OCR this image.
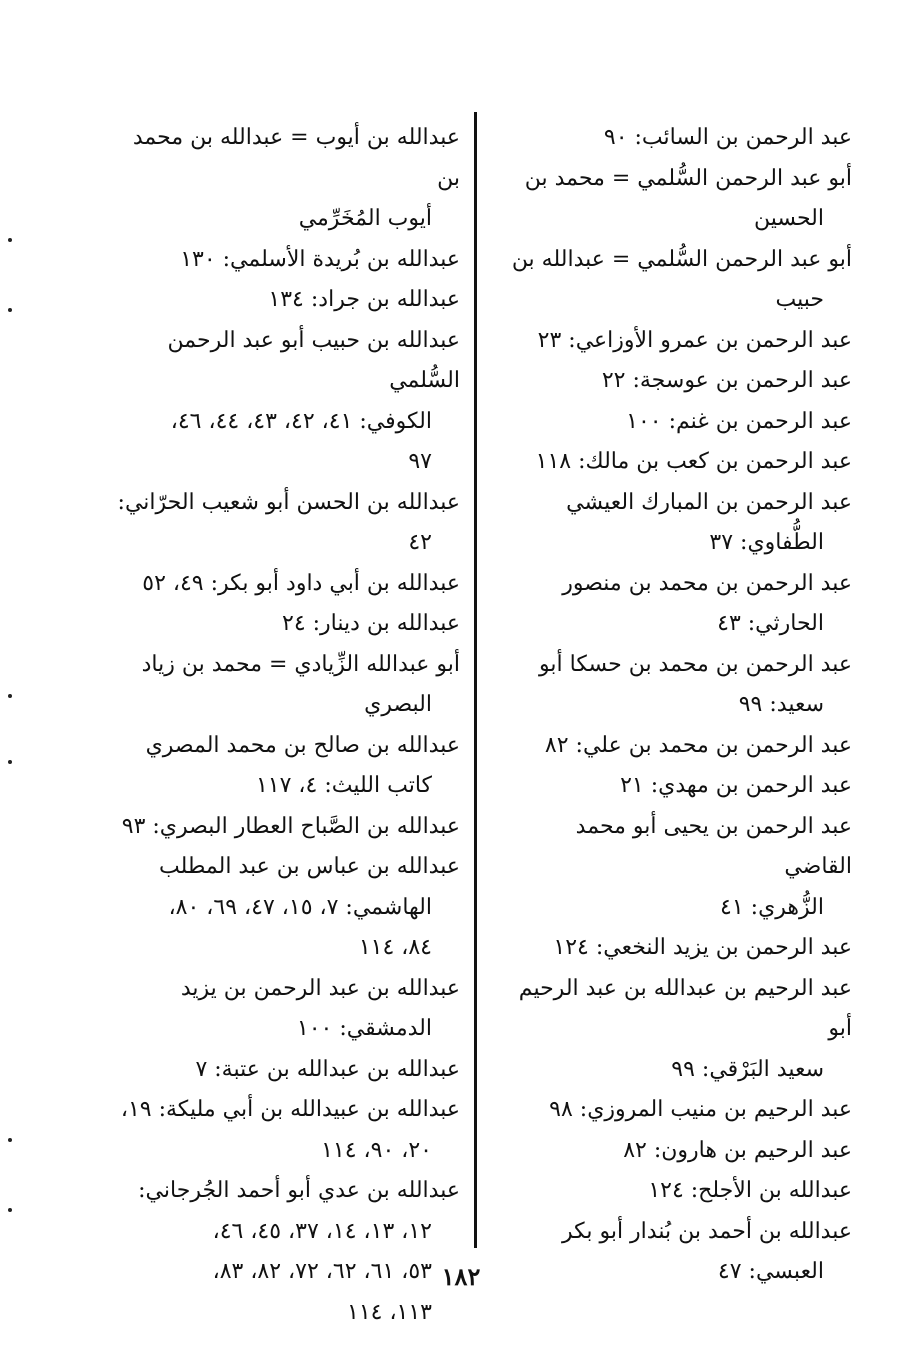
عبد الرحمن بن السائب: ٩٠
أبو عبد الرحمن السُّلمي = محمد بن
الحسين
أبو عبد الرحمن السُّلمي = عبدالله بن
حبيب
عبد الرحمن بن عمرو الأوزاعي: ٢٣
عبد الرحمن بن عوسجة: ٢٢
عبد الرحمن بن غنم: ١٠٠
عبد الرحمن بن كعب بن مالك: ١١٨
عبد الرحمن بن المبارك العيشي
الطُّفاوي: ٣٧
عبد الرحمن بن محمد بن منصور
الحارثي: ٤٣
عبد الرحمن بن محمد بن حسكا أبو
سعيد: ٩٩
عبد الرحمن بن محمد بن علي: ٨٢
عبد الرحمن بن مهدي: ٢١
عبد الرحمن بن يحيى أبو محمد القاضي
الزُّهري: ٤١
عبد الرحمن بن يزيد النخعي: ١٢٤
عبد الرحيم بن عبدالله بن عبد الرحيم أبو
سعيد البَرْقي: ٩٩
عبد الرحيم بن منيب المروزي: ٩٨
عبد الرحيم بن هارون: ٨٢
عبدالله بن الأجلح: ١٢٤
عبدالله بن أحمد بن بُندار أبو بكر
العبسي: ٤٧
عبدالله بن أيوب = عبدالله بن محمد بن
أيوب المُخَرِّمي
عبدالله بن بُريدة الأسلمي: ١٣٠
عبدالله بن جراد: ١٣٤
عبدالله بن حبيب أبو عبد الرحمن السُّلمي
الكوفي: ٤١، ٤٢، ٤٣، ٤٤، ٤٦،
٩٧
عبدالله بن الحسن أبو شعيب الحرّاني:
٤٢
عبدالله بن أبي داود أبو بكر: ٤٩، ٥٢
عبدالله بن دينار: ٢٤
أبو عبدالله الزِّيادي = محمد بن زياد
البصري
عبدالله بن صالح بن محمد المصري
كاتب الليث: ٤، ١١٧
عبدالله بن الصَّباح العطار البصري: ٩٣
عبدالله بن عباس بن عبد المطلب
الهاشمي: ٧، ١٥، ٤٧، ٦٩، ٨٠،
٨٤، ١١٤
عبدالله بن عبد الرحمن بن يزيد
الدمشقي: ١٠٠
عبدالله بن عبدالله بن عتبة: ٧
عبدالله بن عبيدالله بن أبي مليكة: ١٩،
٢٠، ٩٠، ١١٤
عبدالله بن عدي أبو أحمد الجُرجاني:
١٢، ١٣، ١٤، ٣٧، ٤٥، ٤٦،
٥٣، ٦١، ٦٢، ٧٢، ٨٢، ٨٣،
١١٣، ١١٤
١٨٢
